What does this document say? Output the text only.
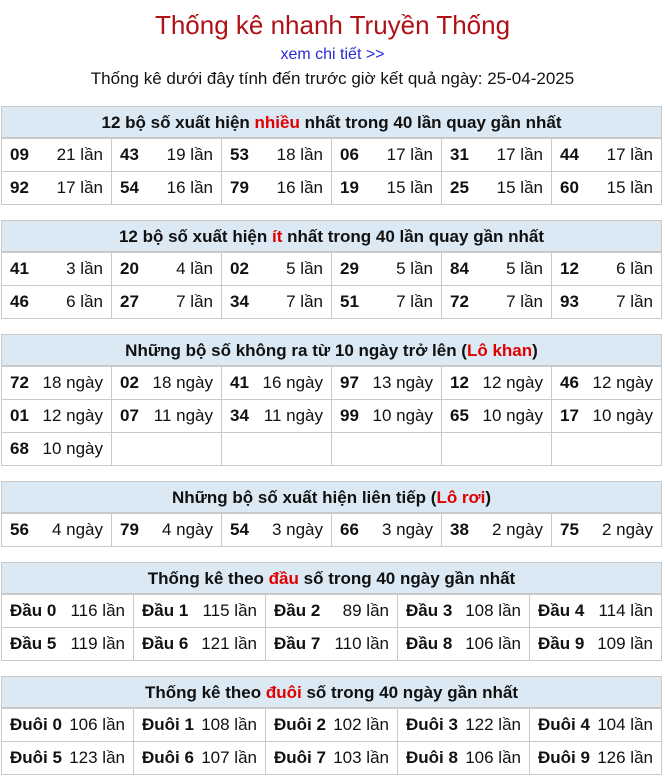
Thống kê nhanh Truyền Thống
xem chi tiết >>
Thống kê dưới đây tính đến trước giờ kết quả ngày: 25-04-2025
12 bộ số xuất hiện nhiều nhất trong 40 lần quay gần nhất
09 21 lần	43 19 lần	53 18 lần	06 17 lần	31 17 lần	44 17 lần

92 17 lần	54 16 lần	79 16 lần	19 15 lần	25 15 lần	60 15 lần
12 bộ số xuất hiện ít nhất trong 40 lần quay gần nhất
41 3 lần	20 4 lần	02 5 lần	29 5 lần	84 5 lần	12 6 lần

46 6 lần	27 7 lần	34 7 lần	51 7 lần	72 7 lần	93 7 lần
Những bộ số không ra từ 10 ngày trở lên (Lô khan)
72 18 ngày	02 18 ngày	41 16 ngày	97 13 ngày	12 12 ngày	46 12 ngày

01 12 ngày	07 11 ngày	34 11 ngày	99 10 ngày	65 10 ngày	17 10 ngày

68 10 ngày					

Những bộ số xuất hiện liên tiếp (Lô rơi)
56 4 ngày	79 4 ngày	54 3 ngày	66 3 ngày	38 2 ngày	75 2 ngày
Thống kê theo đầu số trong 40 ngày gần nhất
Đầu 0 116 lần	Đầu 1 115 lần	Đầu 2 89 lần	Đầu 3 108 lần	Đầu 4 114 lần

Đầu 5 119 lần	Đầu 6 121 lần	Đầu 7 110 lần	Đầu 8 106 lần	Đầu 9 109 lần
Thống kê theo đuôi số trong 40 ngày gần nhất
Đuôi 0 106 lần	Đuôi 1 108 lần	Đuôi 2 102 lần	Đuôi 3 122 lần	Đuôi 4 104 lần

Đuôi 5 123 lần	Đuôi 6 107 lần	Đuôi 7 103 lần	Đuôi 8 106 lần	Đuôi 9 126 lần
